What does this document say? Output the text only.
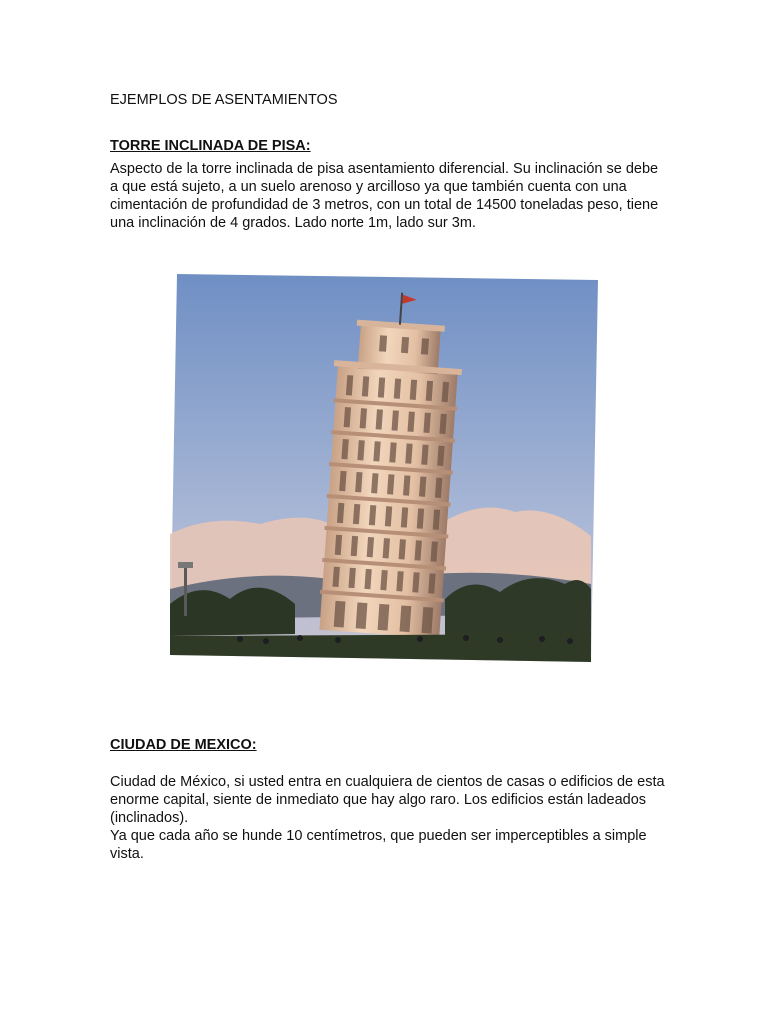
EJEMPLOS DE ASENTAMIENTOS
TORRE INCLINADA DE PISA:

Aspecto de la torre inclinada de pisa asentamiento diferencial. Su inclinación se debe a que está sujeto, a un suelo arenoso y arcilloso ya que también cuenta con una cimentación de profundidad de 3 metros, con un total de 14500 toneladas peso, tiene una inclinación de 4 grados. Lado norte 1m, lado sur 3m.

CIUDAD DE MEXICO:

Ciudad de México, si usted entra en cualquiera de cientos de casas o edificios de esta enorme capital, siente de inmediato que hay algo raro. Los edificios están ladeados (inclinados).

Ya que cada año se hunde 10 centímetros, que pueden ser imperceptibles a simple vista.
